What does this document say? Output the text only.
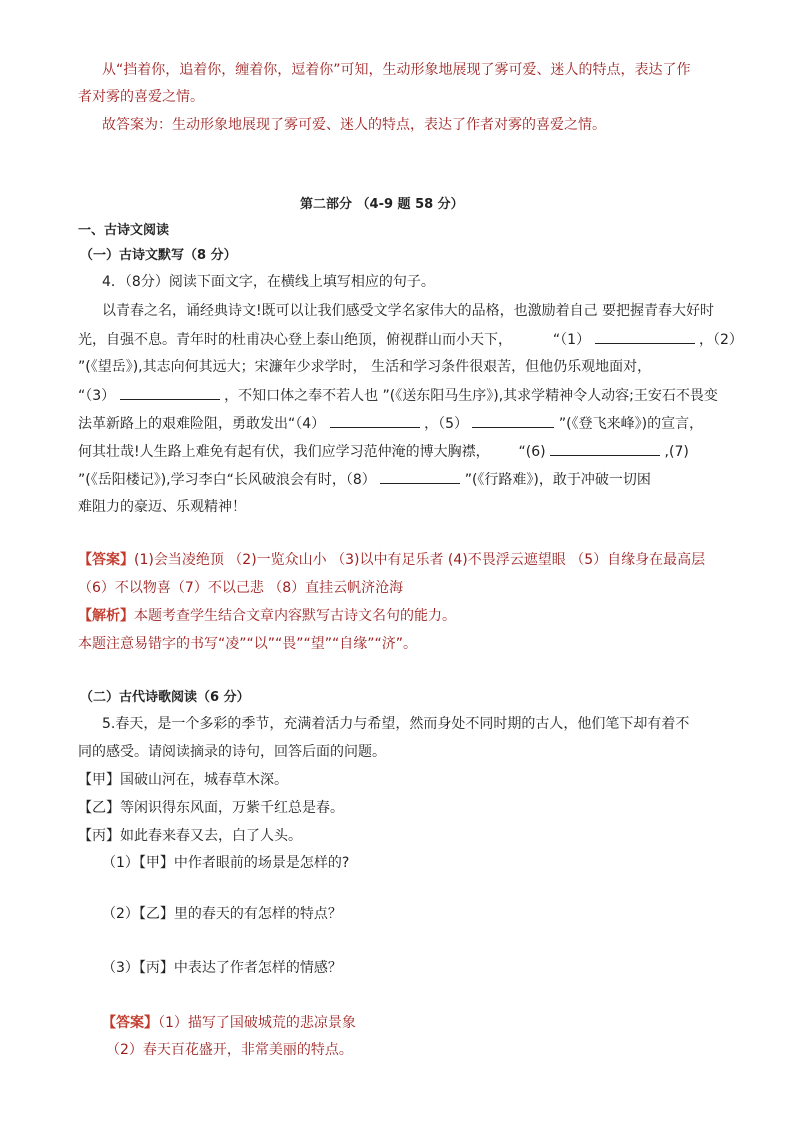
从“挡着你，追着你，缠着你，逗着你”可知，生动形象地展现了雾可爱、迷人的特点，表达了作
者对雾的喜爱之情。
故答案为：生动形象地展现了雾可爱、迷人的特点，表达了作者对雾的喜爱之情。
第二部分 （4-9 题 58 分）
一、古诗文阅读
（一）古诗文默写（8 分）
4．（8分）阅读下面文字，在横线上填写相应的句子。
以青春之名，诵经典诗文!既可以让我们感受文学名家伟大的品格，也激励着自己 要把握青春大好时
光，自强不息。青年时的杜甫决心登上泰山绝顶，俯视群山而小天下，	“（1）	，（2）
”(《望岳》),其志向何其远大；宋濂年少求学时， 生活和学习条件很艰苦，但他仍乐观地面对，
“（3）	，不知口体之奉不若人也 ”(《送东阳马生序》),其求学精神令人动容;王安石不畏变
法革新路上的艰难险阻，勇敢发出“（4）	，（5）	”(《登飞来峰》)的宣言，
何其壮哉!人生路上难免有起有伏，我们应学习范仲淹的博大胸襟， “(6)	,(7)
”(《岳阳楼记》),学习李白“长风破浪会有时，（8）	”(《行路难》)，敢于冲破一切困
难阻力的豪迈、乐观精神！
【答案】(1)会当凌绝顶 （2)一览众山小 （3)以中有足乐者 (4)不畏浮云遮望眼 （5）自缘身在最高层
（6）不以物喜（7）不以己悲 （8）直挂云帆济沧海
【解析】本题考查学生结合文章内容默写古诗文名句的能力。
本题注意易错字的书写“凌”“以”“畏”“望”“自缘”“济”。
（二）古代诗歌阅读（6 分）
5.春天，是一个多彩的季节，充满着活力与希望，然而身处不同时期的古人，他们笔下却有着不
同的感受。请阅读摘录的诗句，回答后面的问题。
【甲】国破山河在，城春草木深。
【乙】等闲识得东风面，万紫千红总是春。
【丙】如此春来春又去，白了人头。
（1）【甲】中作者眼前的场景是怎样的?
（2）【乙】里的春天的有怎样的特点？
（3）【丙】中表达了作者怎样的情感？
【答案】（1）描写了国破城荒的悲凉景象
（2）春天百花盛开，非常美丽的特点。
